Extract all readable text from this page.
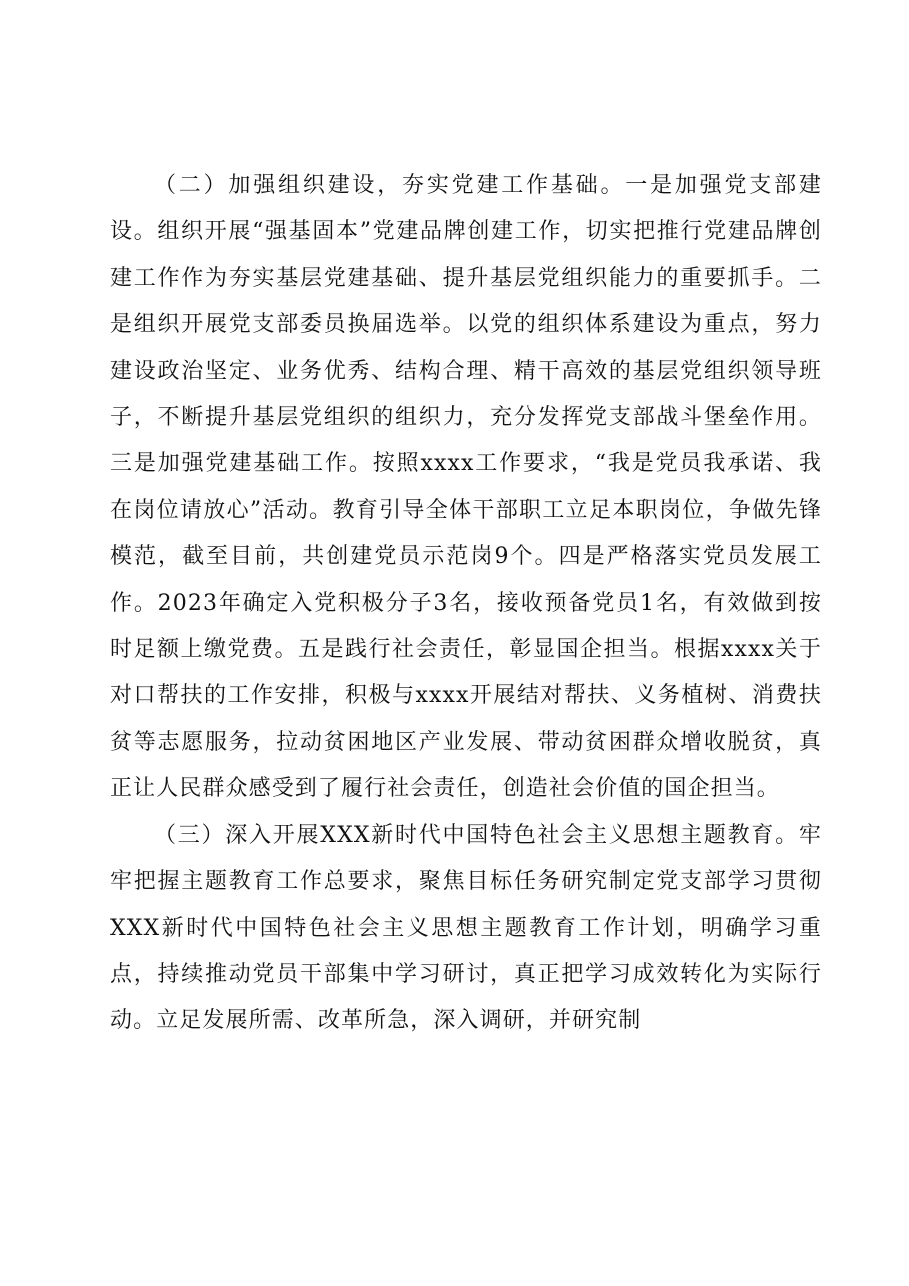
（二）加强组织建设，夯实党建工作基础。一是加强党支部建设。组织开展“强基固本”党建品牌创建工作，切实把推行党建品牌创建工作作为夯实基层党建基础、提升基层党组织能力的重要抓手。二是组织开展党支部委员换届选举。以党的组织体系建设为重点，努力建设政治坚定、业务优秀、结构合理、精干高效的基层党组织领导班子，不断提升基层党组织的组织力，充分发挥党支部战斗堡垒作用。三是加强党建基础工作。按照xxxx工作要求，“我是党员我承诺、我在岗位请放心”活动。教育引导全体干部职工立足本职岗位，争做先锋模范，截至目前，共创建党员示范岗9个。四是严格落实党员发展工作。2023年确定入党积极分子3名，接收预备党员1名，有效做到按时足额上缴党费。五是践行社会责任，彰显国企担当。根据xxxx关于对口帮扶的工作安排，积极与xxxx开展结对帮扶、义务植树、消费扶贫等志愿服务，拉动贫困地区产业发展、带动贫困群众增收脱贫，真正让人民群众感受到了履行社会责任，创造社会价值的国企担当。

（三）深入开展XXX新时代中国特色社会主义思想主题教育。牢牢把握主题教育工作总要求，聚焦目标任务研究制定党支部学习贯彻XXX新时代中国特色社会主义思想主题教育工作计划，明确学习重点，持续推动党员干部集中学习研讨，真正把学习成效转化为实际行动。立足发展所需、改革所急，深入调研，并研究制
